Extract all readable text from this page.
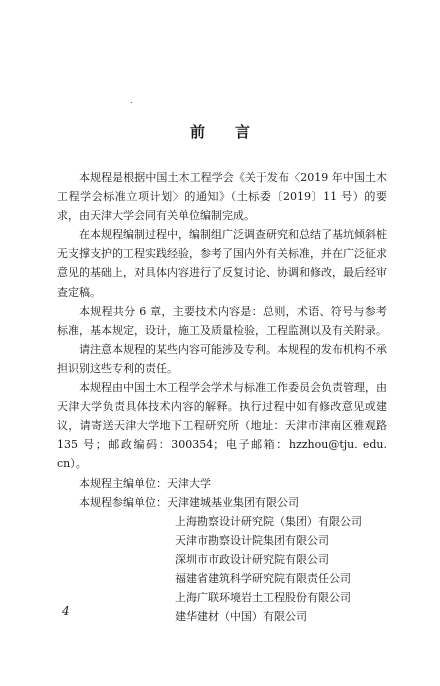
.
前言

本规程是根据中国土木工程学会《关于发布〈2019 年中国土木工程学会标准立项计划〉的通知》（土标委〔2019〕11 号）的要求，由天津大学会同有关单位编制完成。

在本规程编制过程中，编制组广泛调查研究和总结了基坑倾斜桩无支撑支护的工程实践经验，参考了国内外有关标准，并在广泛征求意见的基础上，对具体内容进行了反复讨论、协调和修改，最后经审查定稿。

本规程共分 6 章，主要技术内容是：总则，术语、符号与参考标准，基本规定，设计，施工及质量检验，工程监测以及有关附录。

请注意本规程的某些内容可能涉及专利。本规程的发布机构不承担识别这些专利的责任。

本规程由中国土木工程学会学术与标准工作委员会负责管理，由天津大学负责具体技术内容的解释。执行过程中如有修改意见或建议，请寄送天津大学地下工程研究所（地址：天津市津南区雅观路 135 号；邮政编码：300354；电子邮箱：hzzhou@tju. edu. cn）。

本规程主编单位： 天津大学
本规程参编单位： 天津建城基业集团有限公司
上海勘察设计研究院（集团）有限公司
天津市勘察设计院集团有限公司
深圳市市政设计研究院有限公司
福建省建筑科学研究院有限责任公司
上海广联环境岩土工程股份有限公司
建华建材（中国）有限公司
4
